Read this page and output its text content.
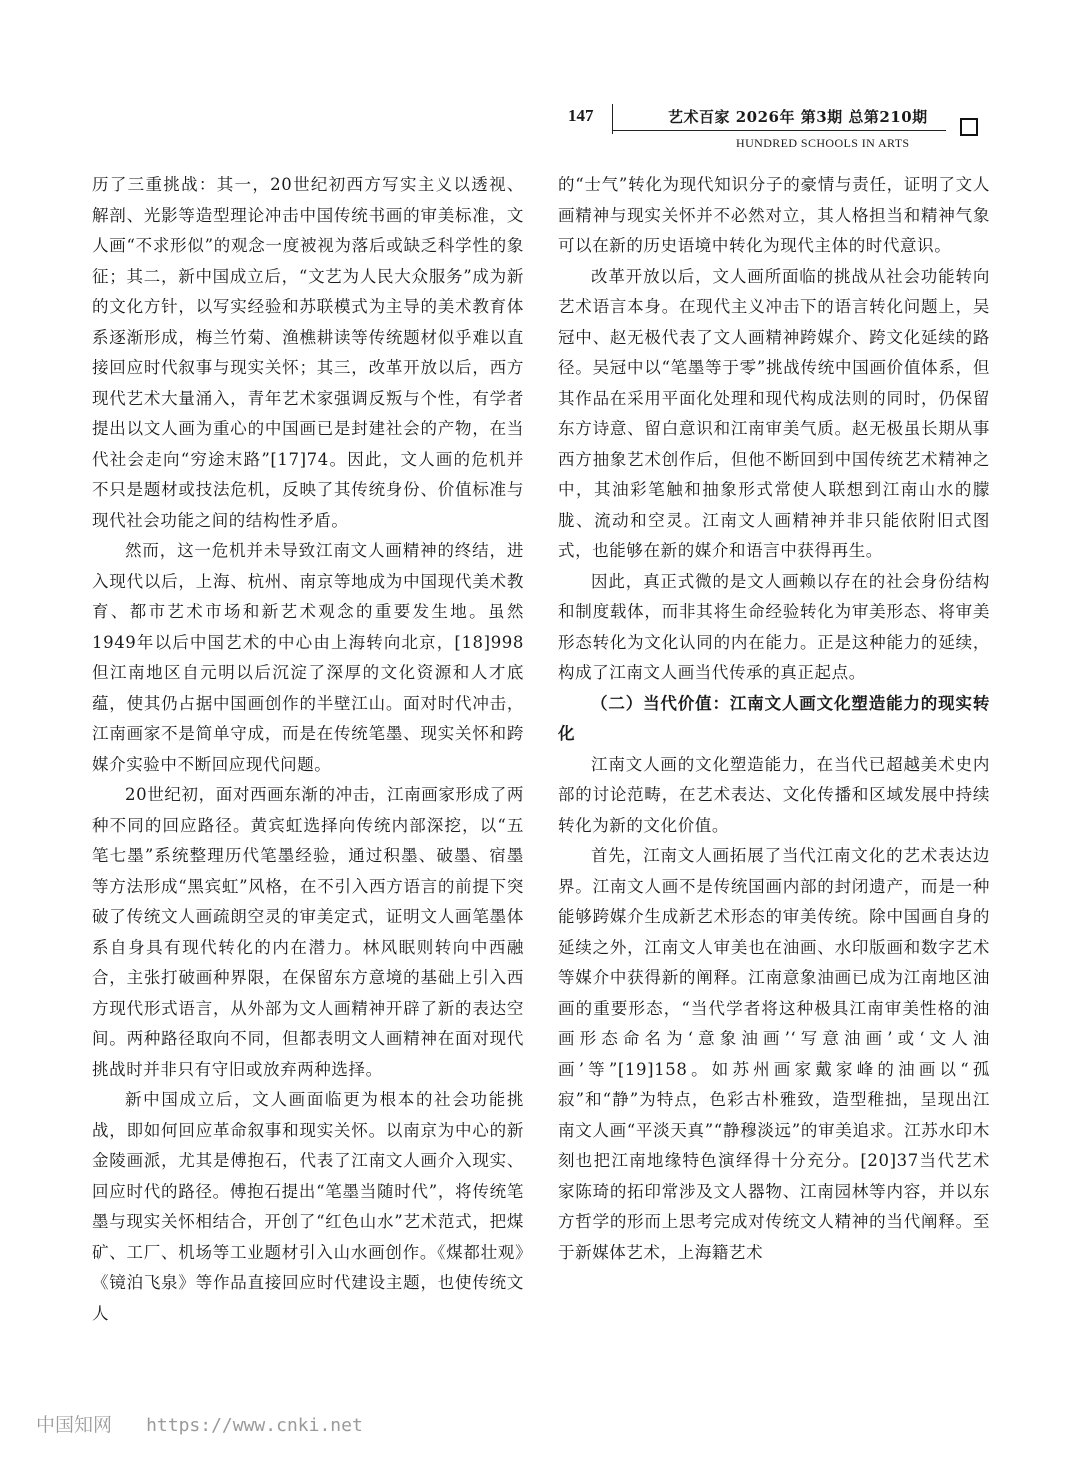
147	艺术百家 2026年 第3期 总第210期
HUNDRED SCHOOLS IN ARTS

历了三重挑战：其一，20世纪初西方写实主义以透视、解剖、光影等造型理论冲击中国传统书画的审美标准，文人画“不求形似”的观念一度被视为落后或缺乏科学性的象征；其二，新中国成立后，“文艺为人民大众服务”成为新的文化方针，以写实经验和苏联模式为主导的美术教育体系逐渐形成，梅兰竹菊、渔樵耕读等传统题材似乎难以直接回应时代叙事与现实关怀；其三，改革开放以后，西方现代艺术大量涌入，青年艺术家强调反叛与个性，有学者提出以文人画为重心的中国画已是封建社会的产物，在当代社会走向“穷途末路”[17]74。因此，文人画的危机并不只是题材或技法危机，反映了其传统身份、价值标准与现代社会功能之间的结构性矛盾。

然而，这一危机并未导致江南文人画精神的终结，进入现代以后，上海、杭州、南京等地成为中国现代美术教育、都市艺术市场和新艺术观念的重要发生地。虽然1949年以后中国艺术的中心由上海转向北京，[18]998但江南地区自元明以后沉淀了深厚的文化资源和人才底蕴，使其仍占据中国画创作的半壁江山。面对时代冲击，江南画家不是简单守成，而是在传统笔墨、现实关怀和跨媒介实验中不断回应现代问题。

20世纪初，面对西画东渐的冲击，江南画家形成了两种不同的回应路径。黄宾虹选择向传统内部深挖，以“五笔七墨”系统整理历代笔墨经验，通过积墨、破墨、宿墨等方法形成“黑宾虹”风格，在不引入西方语言的前提下突破了传统文人画疏朗空灵的审美定式，证明文人画笔墨体系自身具有现代转化的内在潜力。林风眠则转向中西融合，主张打破画种界限，在保留东方意境的基础上引入西方现代形式语言，从外部为文人画精神开辟了新的表达空间。两种路径取向不同，但都表明文人画精神在面对现代挑战时并非只有守旧或放弃两种选择。

新中国成立后，文人画面临更为根本的社会功能挑战，即如何回应革命叙事和现实关怀。以南京为中心的新金陵画派，尤其是傅抱石，代表了江南文人画介入现实、回应时代的路径。傅抱石提出“笔墨当随时代”，将传统笔墨与现实关怀相结合，开创了“红色山水”艺术范式，把煤矿、工厂、机场等工业题材引入山水画创作。《煤都壮观》《镜泊飞泉》等作品直接回应时代建设主题，也使传统文人

的“士气”转化为现代知识分子的豪情与责任，证明了文人画精神与现实关怀并不必然对立，其人格担当和精神气象可以在新的历史语境中转化为现代主体的时代意识。

改革开放以后，文人画所面临的挑战从社会功能转向艺术语言本身。在现代主义冲击下的语言转化问题上，吴冠中、赵无极代表了文人画精神跨媒介、跨文化延续的路径。吴冠中以“笔墨等于零”挑战传统中国画价值体系，但其作品在采用平面化处理和现代构成法则的同时，仍保留东方诗意、留白意识和江南审美气质。赵无极虽长期从事西方抽象艺术创作后，但他不断回到中国传统艺术精神之中，其油彩笔触和抽象形式常使人联想到江南山水的朦胧、流动和空灵。江南文人画精神并非只能依附旧式图式，也能够在新的媒介和语言中获得再生。

因此，真正式微的是文人画赖以存在的社会身份结构和制度载体，而非其将生命经验转化为审美形态、将审美形态转化为文化认同的内在能力。正是这种能力的延续，构成了江南文人画当代传承的真正起点。

（二）当代价值：江南文人画文化塑造能力的现实转化

江南文人画的文化塑造能力，在当代已超越美术史内部的讨论范畴，在艺术表达、文化传播和区域发展中持续转化为新的文化价值。

首先，江南文人画拓展了当代江南文化的艺术表达边界。江南文人画不是传统国画内部的封闭遗产，而是一种能够跨媒介生成新艺术形态的审美传统。除中国画自身的延续之外，江南文人审美也在油画、水印版画和数字艺术等媒介中获得新的阐释。江南意象油画已成为江南地区油画的重要形态，“当代学者将这种极具江南审美性格的油画形态命名为‘意象油画’‘写意油画’或‘文人油画’等”[19]158。如苏州画家戴家峰的油画以“孤寂”和“静”为特点，色彩古朴雅致，造型稚拙，呈现出江南文人画“平淡天真”“静穆淡远”的审美追求。江苏水印木刻也把江南地缘特色演绎得十分充分。[20]37当代艺术家陈琦的拓印常涉及文人器物、江南园林等内容，并以东方哲学的形而上思考完成对传统文人精神的当代阐释。至于新媒体艺术，上海籍艺术

中国知网 https://www.cnki.net
